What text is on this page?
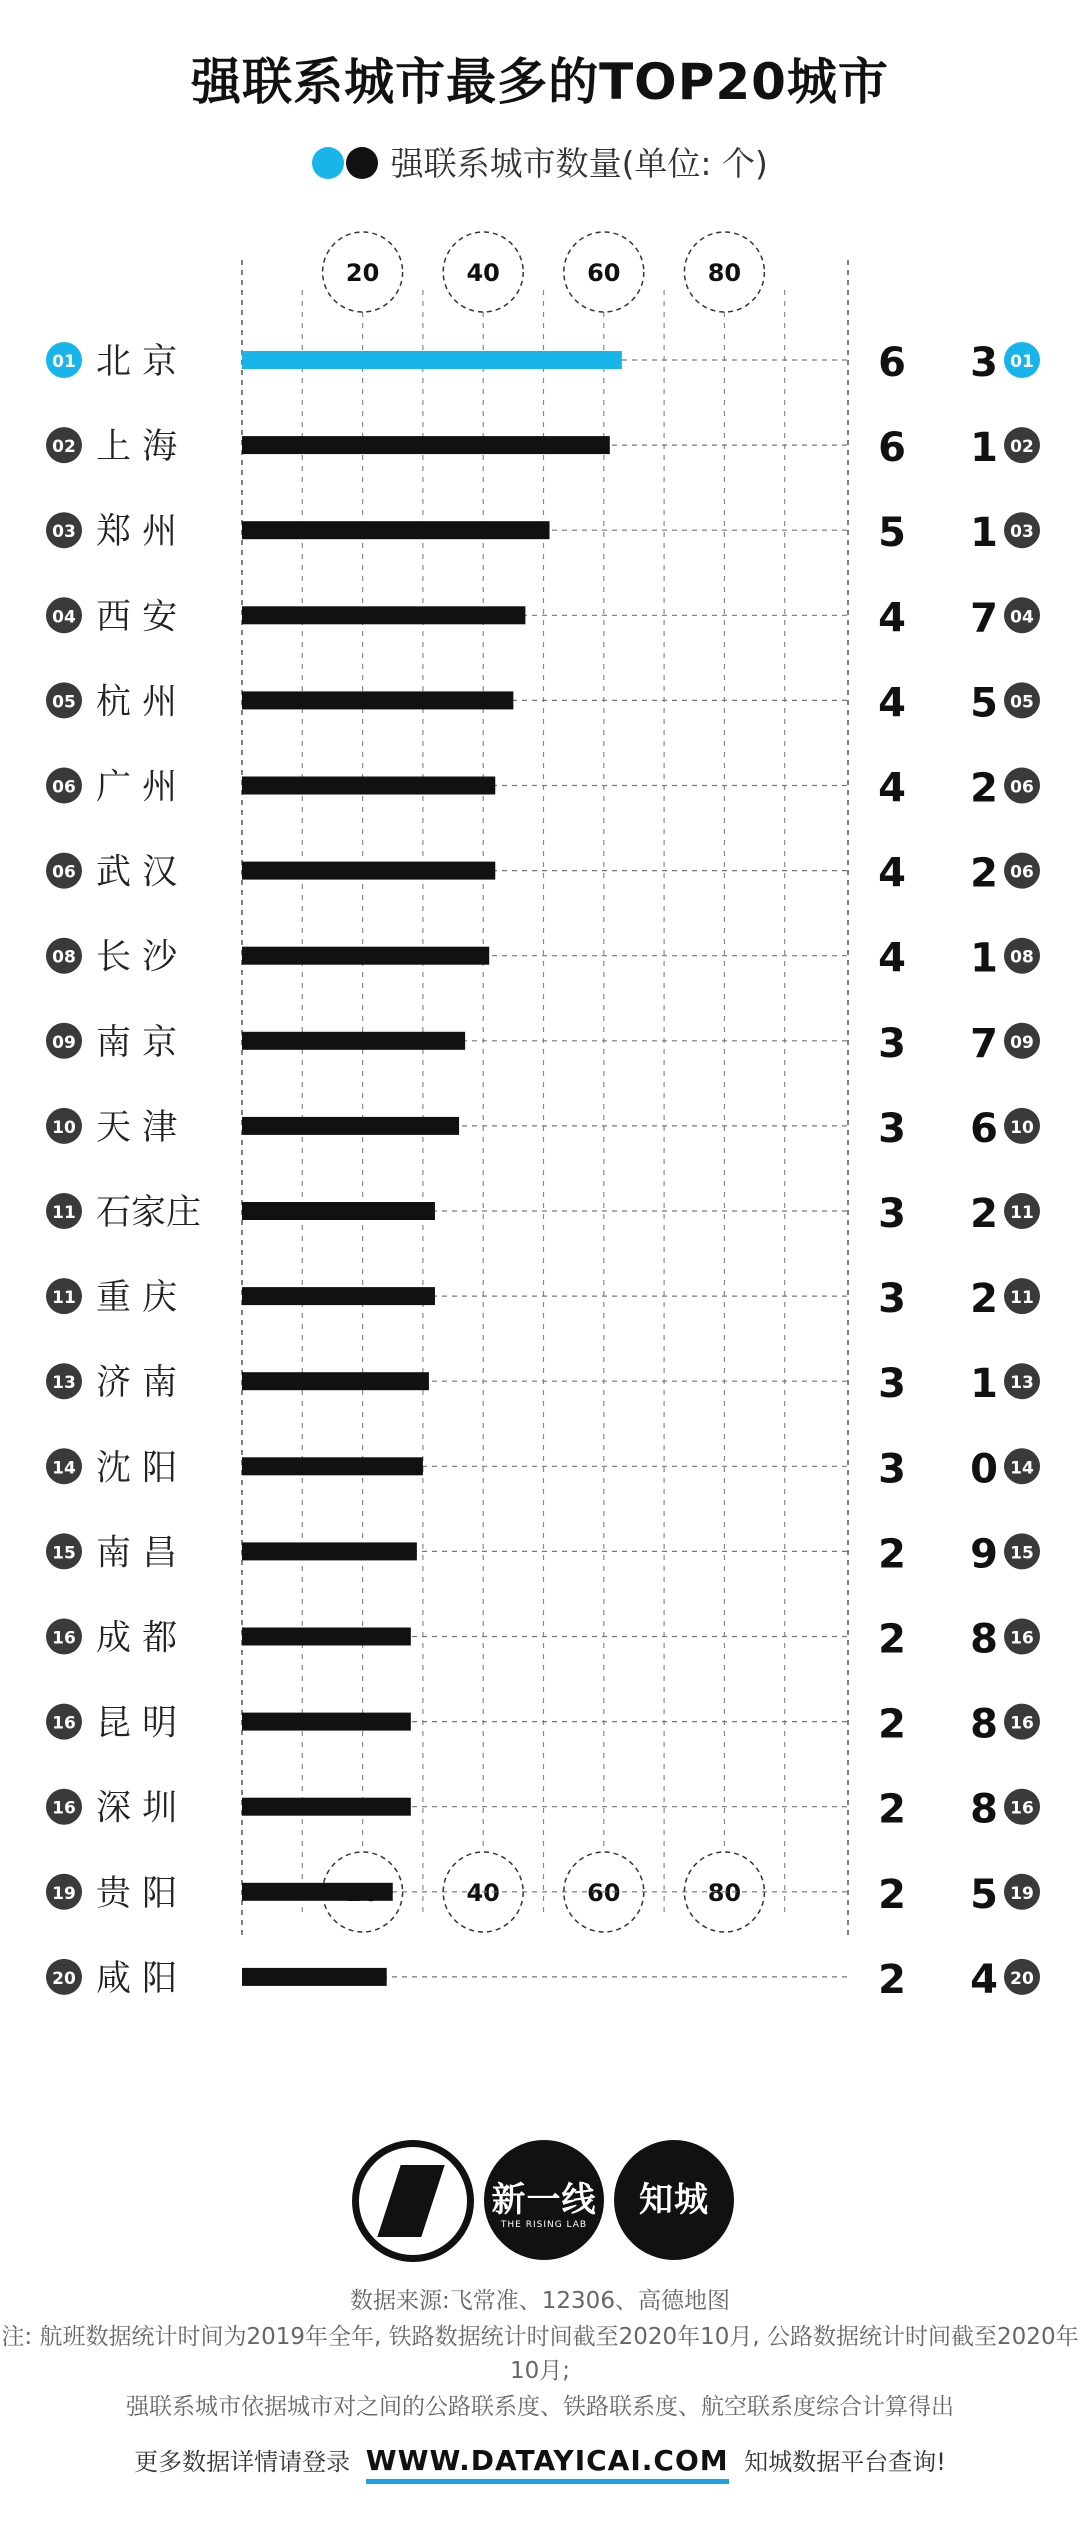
强联系城市最多的TOP20城市
强联系城市数量(单位: 个)
20	40
40
60
60
80
80
01 北 京	6 3 01
02 上 海	6 1 02
03 郑 州	5 1 03
04 西 安	4 7 04
05 杭 州	4 5 05
06 广 州	4 2 06
06 武 汉	4 2 06
08 长 沙	4 1 08
09 南 京	3 7 09
10 天 津	3 6 10
11 石家庄	3 2 11
11 重 庆	3 2 11
13 济 南	3 1 13
14 沈 阳	3 0 14
15 南 昌	2 9 15
16 成 都	2 8 16
16 昆 明	2 8 16
16 深 圳	2 8 16
19 贵 阳	2 5 19
20 咸 阳	2 4 20
新一线
THE RISING LAB
知城
数据来源:飞常准、12306、高德地图
注: 航班数据统计时间为2019年全年, 铁路数据统计时间截至2020年10月, 公路数据统计时间截至2020年10月;
强联系城市依据城市对之间的公路联系度、铁路联系度、航空联系度综合计算得出
更多数据详情请登录 WWW.DATAYICAI.COM 知城数据平台查询!
